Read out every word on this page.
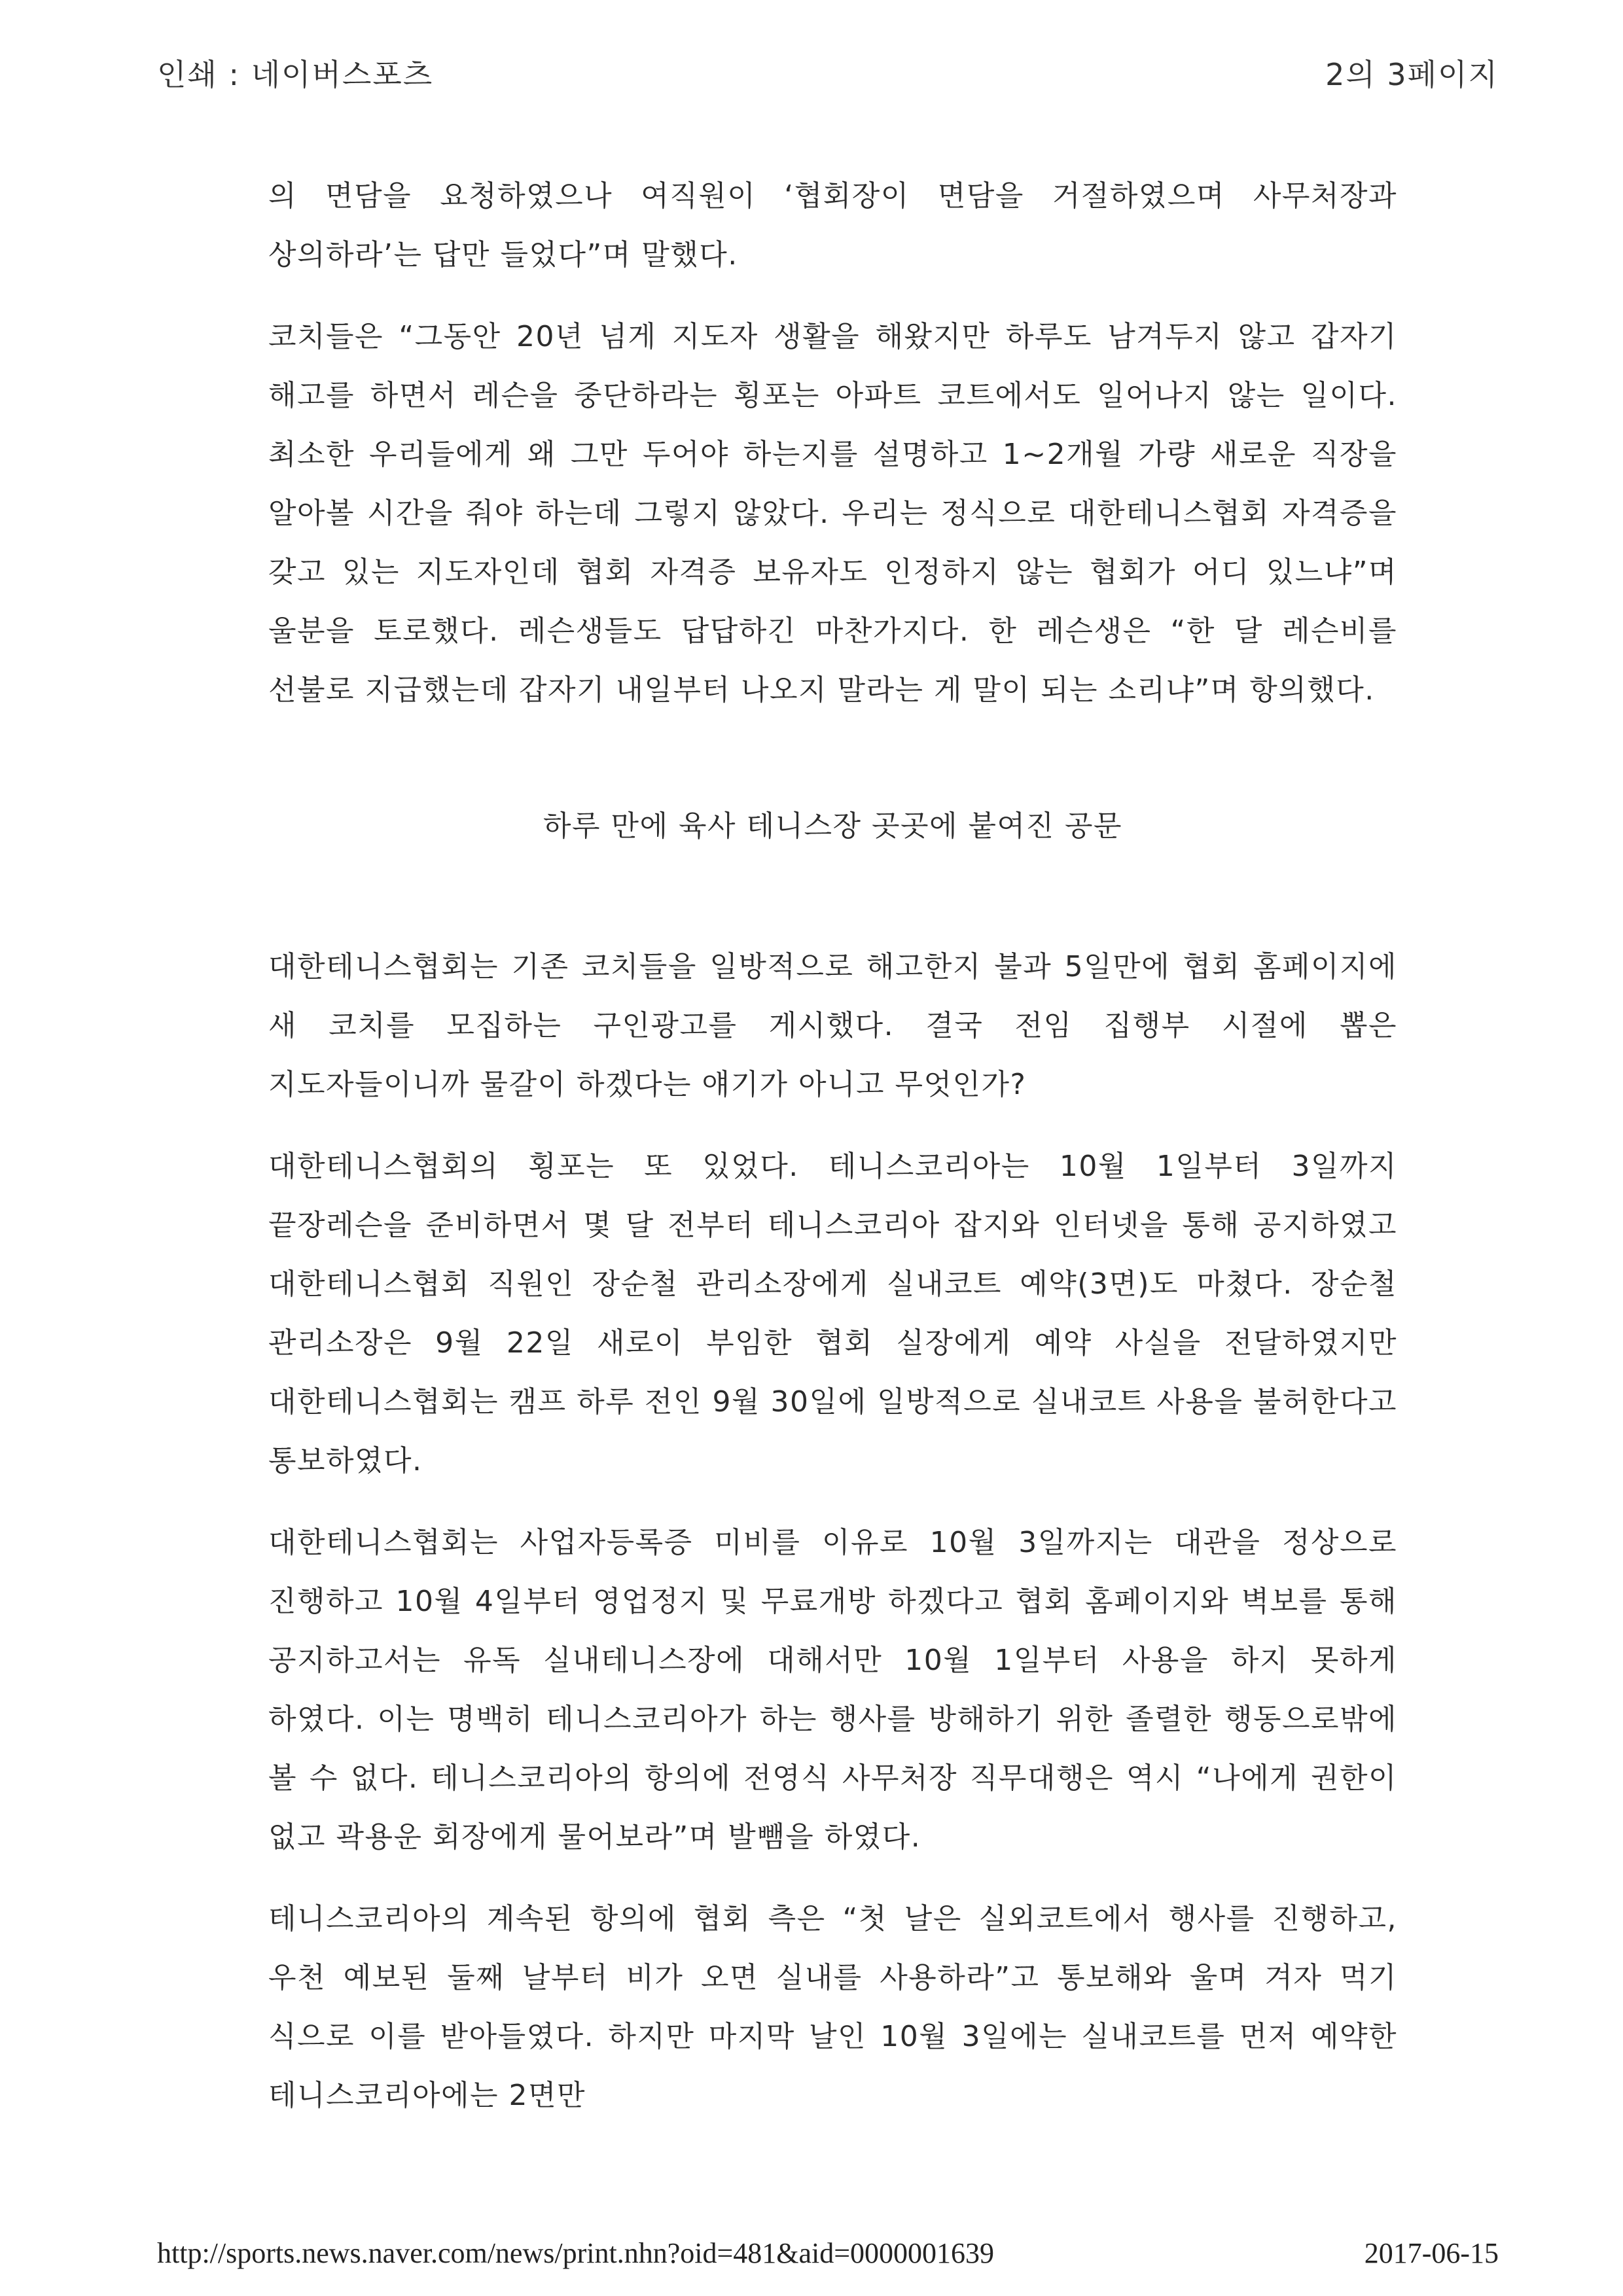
인쇄 : 네이버스포츠	2의 3페이지

의 면담을 요청하였으나 여직원이 ‘협회장이 면담을 거절하였으며 사무처장과 상의하라’는 답만 들었다”며 말했다.

코치들은 “그동안 20년 넘게 지도자 생활을 해왔지만 하루도 남겨두지 않고 갑자기 해고를 하면서 레슨을 중단하라는 횡포는 아파트 코트에서도 일어나지 않는 일이다. 최소한 우리들에게 왜 그만 두어야 하는지를 설명하고 1~2개월 가량 새로운 직장을 알아볼 시간을 줘야 하는데 그렇지 않았다. 우리는 정식으로 대한테니스협회 자격증을 갖고 있는 지도자인데 협회 자격증 보유자도 인정하지 않는 협회가 어디 있느냐”며 울분을 토로했다. 레슨생들도 답답하긴 마찬가지다. 한 레슨생은 “한 달 레슨비를 선불로 지급했는데 갑자기 내일부터 나오지 말라는 게 말이 되는 소리냐”며 항의했다.

하루 만에 육사 테니스장 곳곳에 붙여진 공문

대한테니스협회는 기존 코치들을 일방적으로 해고한지 불과 5일만에 협회 홈페이지에 새 코치를 모집하는 구인광고를 게시했다. 결국 전임 집행부 시절에 뽑은 지도자들이니까 물갈이 하겠다는 얘기가 아니고 무엇인가?

대한테니스협회의 횡포는 또 있었다. 테니스코리아는 10월 1일부터 3일까지 끝장레슨을 준비하면서 몇 달 전부터 테니스코리아 잡지와 인터넷을 통해 공지하였고 대한테니스협회 직원인 장순철 관리소장에게 실내코트 예약(3면)도 마쳤다. 장순철 관리소장은 9월 22일 새로이 부임한 협회 실장에게 예약 사실을 전달하였지만 대한테니스협회는 캠프 하루 전인 9월 30일에 일방적으로 실내코트 사용을 불허한다고 통보하였다.

대한테니스협회는 사업자등록증 미비를 이유로 10월 3일까지는 대관을 정상으로 진행하고 10월 4일부터 영업정지 및 무료개방 하겠다고 협회 홈페이지와 벽보를 통해 공지하고서는 유독 실내테니스장에 대해서만 10월 1일부터 사용을 하지 못하게 하였다. 이는 명백히 테니스코리아가 하는 행사를 방해하기 위한 졸렬한 행동으로밖에 볼 수 없다. 테니스코리아의 항의에 전영식 사무처장 직무대행은 역시 “나에게 권한이 없고 곽용운 회장에게 물어보라”며 발뺌을 하였다.

테니스코리아의 계속된 항의에 협회 측은 “첫 날은 실외코트에서 행사를 진행하고, 우천 예보된 둘째 날부터 비가 오면 실내를 사용하라”고 통보해와 울며 겨자 먹기 식으로 이를 받아들였다. 하지만 마지막 날인 10월 3일에는 실내코트를 먼저 예약한 테니스코리아에는 2면만

http://sports.news.naver.com/news/print.nhn?oid=481&aid=0000001639	2017-06-15
